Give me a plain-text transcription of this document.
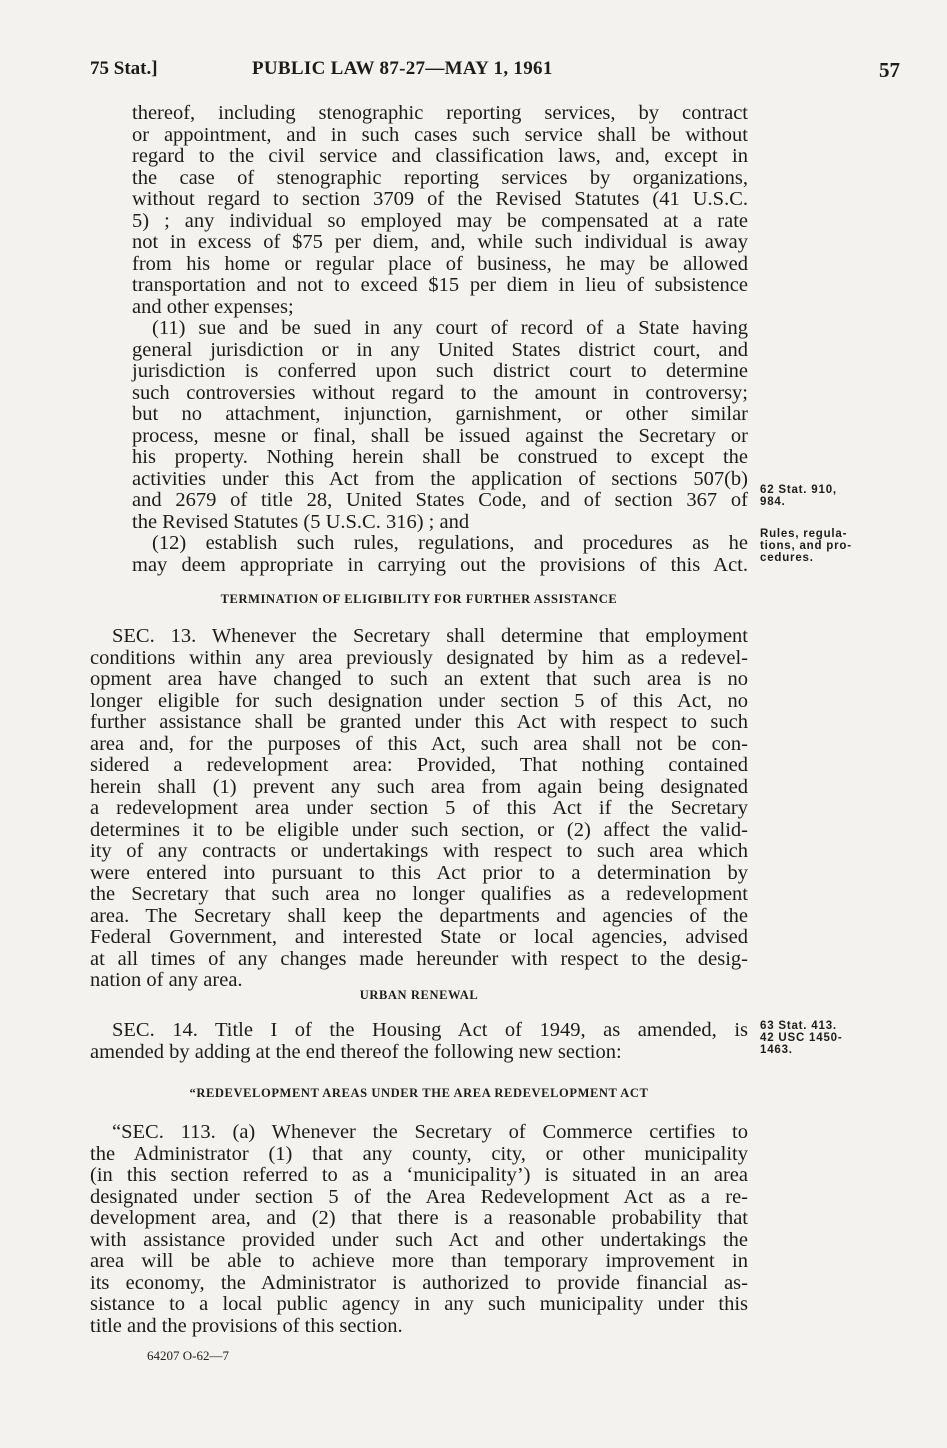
75 Stat.]	PUBLIC LAW 87-27—MAY 1, 1961	57
thereof, including stenographic reporting services, by contract
or appointment, and in such cases such service shall be without
regard to the civil service and classification laws, and, except in
the case of stenographic reporting services by organizations,
without regard to section 3709 of the Revised Statutes (41 U.S.C.
5) ; any individual so employed may be compensated at a rate
not in excess of $75 per diem, and, while such individual is away
from his home or regular place of business, he may be allowed
transportation and not to exceed $15 per diem in lieu of subsistence
and other expenses;
(11) sue and be sued in any court of record of a State having
general jurisdiction or in any United States district court, and
jurisdiction is conferred upon such district court to determine
such controversies without regard to the amount in controversy;
but no attachment, injunction, garnishment, or other similar
process, mesne or final, shall be issued against the Secretary or
his property. Nothing herein shall be construed to except the
activities under this Act from the application of sections 507(b)
and 2679 of title 28, United States Code, and of section 367 of
the Revised Statutes (5 U.S.C. 316) ; and
(12) establish such rules, regulations, and procedures as he
may deem appropriate in carrying out the provisions of this Act.
TERMINATION OF ELIGIBILITY FOR FURTHER ASSISTANCE
SEC. 13. Whenever the Secretary shall determine that employment
conditions within any area previously designated by him as a redevel-
opment area have changed to such an extent that such area is no
longer eligible for such designation under section 5 of this Act, no
further assistance shall be granted under this Act with respect to such
area and, for the purposes of this Act, such area shall not be con-
sidered a redevelopment area: Provided, That nothing contained
herein shall (1) prevent any such area from again being designated
a redevelopment area under section 5 of this Act if the Secretary
determines it to be eligible under such section, or (2) affect the valid-
ity of any contracts or undertakings with respect to such area which
were entered into pursuant to this Act prior to a determination by
the Secretary that such area no longer qualifies as a redevelopment
area. The Secretary shall keep the departments and agencies of the
Federal Government, and interested State or local agencies, advised
at all times of any changes made hereunder with respect to the desig-
nation of any area.
URBAN RENEWAL
SEC. 14. Title I of the Housing Act of 1949, as amended, is
amended by adding at the end thereof the following new section:
“REDEVELOPMENT AREAS UNDER THE AREA REDEVELOPMENT ACT
“SEC. 113. (a) Whenever the Secretary of Commerce certifies to
the Administrator (1) that any county, city, or other municipality
(in this section referred to as a ‘municipality’) is situated in an area
designated under section 5 of the Area Redevelopment Act as a re-
development area, and (2) that there is a reasonable probability that
with assistance provided under such Act and other undertakings the
area will be able to achieve more than temporary improvement in
its economy, the Administrator is authorized to provide financial as-
sistance to a local public agency in any such municipality under this
title and the provisions of this section.
62 Stat. 910,
984.
Rules, regula-
tions, and pro-
cedures.
63 Stat. 413.
42 USC 1450-
1463.
64207 O-62—7
